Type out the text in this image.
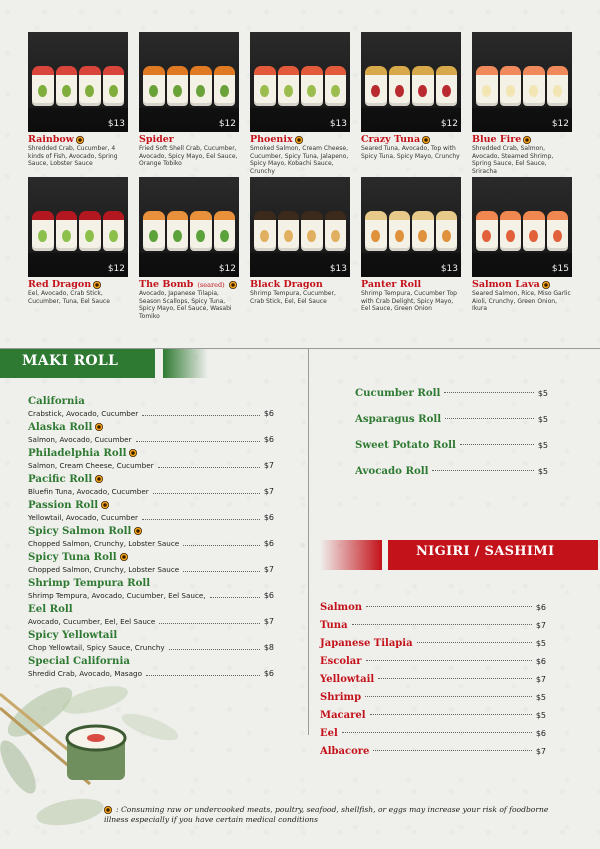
$13
Rainbow
Shredded Crab, Cucumber, 4 kinds of Fish, Avocado, Spring Sauce, Lobster Sauce
$12
Spider
Fried Soft Shell Crab, Cucumber, Avocado, Spicy Mayo, Eel Sauce, Orange Tobiko
$13
Phoenix
Smoked Salmon, Cream Cheese, Cucumber, Spicy Tuna, Jalapeno, Spicy Mayo, Kobachi Sauce, Crunchy
$12
Crazy Tuna
Seared Tuna, Avocado, Top with Spicy Tuna, Spicy Mayo, Crunchy
$12
Blue Fire
Shredded Crab, Salmon, Avocado, Steamed Shrimp, Spring Sauce, Eel Sauce, Sriracha
$12
Red Dragon
Eel, Avocado, Crab Stick, Cucumber, Tuna, Eel Sauce
$12
The Bomb (seared)
Avocado, Japanese Tilapia, Season Scallops, Spicy Tuna, Spicy Mayo, Eel Sauce, Wasabi Tomiko
$13
Black Dragon
Shrimp Tempura, Cucumber, Crab Stick, Eel, Eel Sauce
$13
Panter Roll
Shrimp Tempura, Cucumber Top with Crab Delight, Spicy Mayo, Eel Sauce, Green Onion
$15
Salmon Lava
Seared Salmon, Rice, Miso Garlic Aioli, Crunchy, Green Onion, Ikura
MAKI ROLL
California
Crabstick, Avocado, Cucumber	$6
Alaska Roll
Salmon, Avocado, Cucumber	$6
Philadelphia Roll
Salmon, Cream Cheese, Cucumber	$7
Pacific Roll
Bluefin Tuna, Avocado, Cucumber	$7
Passion Roll
Yellowtail, Avocado, Cucumber	$6
Spicy Salmon Roll
Chopped Salmon, Crunchy, Lobster Sauce	$6
Spicy Tuna Roll
Chopped Salmon, Crunchy, Lobster Sauce	$7
Shrimp Tempura Roll
Shrimp Tempura, Avocado, Cucumber, Eel Sauce,	$6
Eel Roll
Avocado, Cucumber, Eel, Eel Sauce	$7
Spicy Yellowtail
Chop Yellowtail, Spicy Sauce, Crunchy	$8
Special California
Shredid Crab, Avocado, Masago	$6
Cucumber Roll	$5
Asparagus Roll	$5
Sweet Potato Roll	$5
Avocado Roll	$5
NIGIRI / SASHIMI
Salmon	$6
Tuna	$7
Japanese Tilapia	$5
Escolar	$6
Yellowtail	$7
Shrimp	$5
Macarel	$5
Eel	$6
Albacore	$7
: Consuming raw or undercooked meats, poultry, seafood, shellfish, or eggs may increase your risk of foodborne illness especially if you have certain medical conditions
